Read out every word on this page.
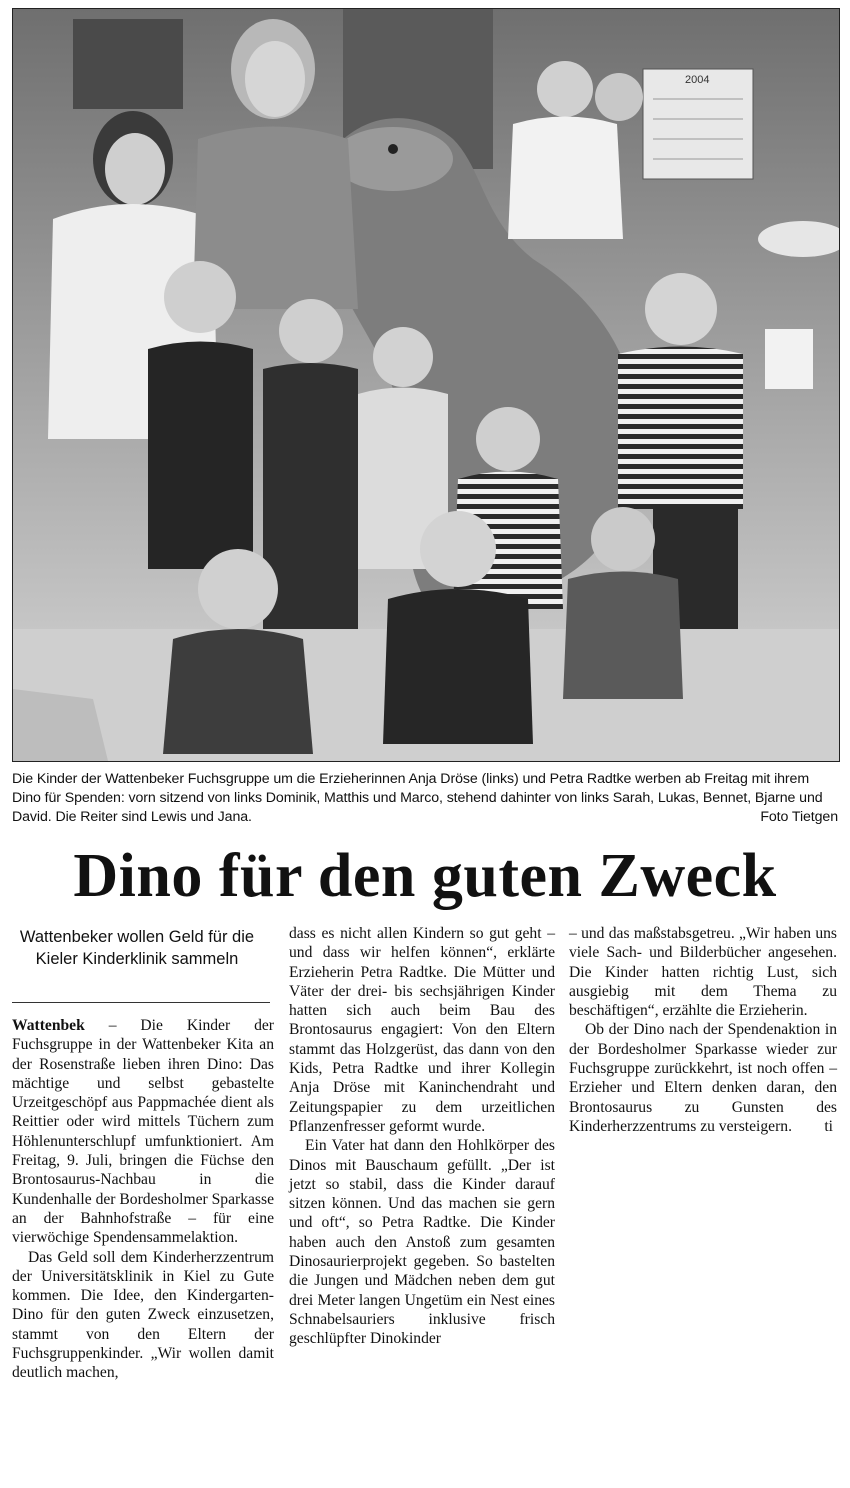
2004
Die Kinder der Wattenbeker Fuchsgruppe um die Erzieherinnen Anja Dröse (links) und Petra Radtke werben ab Freitag mit ihrem Dino für Spenden: vorn sitzend von links Dominik, Matthis und Marco, stehend dahinter von links Sarah, Lukas, Bennet, Bjarne und David. Die Reiter sind Lewis und Jana.	Foto Tietgen
Dino für den guten Zweck
Wattenbeker wollen Geld für die Kieler Kinderklinik sammeln

Wattenbek – Die Kinder der Fuchsgruppe in der Wattenbeker Kita an der Rosenstraße lieben ihren Dino: Das mächtige und selbst gebastelte Urzeitgeschöpf aus Pappmachée dient als Reittier oder wird mittels Tüchern zum Höhlenunterschlupf umfunktioniert. Am Freitag, 9. Juli, bringen die Füchse den Brontosaurus-Nachbau in die Kundenhalle der Bordesholmer Sparkasse an der Bahnhofstraße – für eine vierwöchige Spendensammelaktion.

Das Geld soll dem Kinderherzzentrum der Universitätsklinik in Kiel zu Gute kommen. Die Idee, den Kindergarten-Dino für den guten Zweck einzusetzen, stammt von den Eltern der Fuchsgruppenkinder. „Wir wollen damit deutlich machen,

dass es nicht allen Kindern so gut geht – und dass wir helfen können“, erklärte Erzieherin Petra Radtke. Die Mütter und Väter der drei- bis sechsjährigen Kinder hatten sich auch beim Bau des Brontosaurus engagiert: Von den Eltern stammt das Holzgerüst, das dann von den Kids, Petra Radtke und ihrer Kollegin Anja Dröse mit Kaninchendraht und Zeitungspapier zu dem urzeitlichen Pflanzenfresser geformt wurde.

Ein Vater hat dann den Hohlkörper des Dinos mit Bauschaum gefüllt. „Der ist jetzt so stabil, dass die Kinder darauf sitzen können. Und das machen sie gern und oft“, so Petra Radtke. Die Kinder haben auch den Anstoß zum gesamten Dinosaurierprojekt gegeben. So bastelten die Jungen und Mädchen neben dem gut drei Meter langen Ungetüm ein Nest eines Schnabelsauriers inklusive frisch geschlüpfter Dinokinder

– und das maßstabsgetreu. „Wir haben uns viele Sach- und Bilderbücher angesehen. Die Kinder hatten richtig Lust, sich ausgiebig mit dem Thema zu beschäftigen“, erzählte die Erzieherin.

Ob der Dino nach der Spendenaktion in der Bordesholmer Sparkasse wieder zur Fuchsgruppe zurückkehrt, ist noch offen – Erzieher und Eltern denken daran, den Brontosaurus zu Gunsten des Kinderherzzentrums zu versteigern.	ti
